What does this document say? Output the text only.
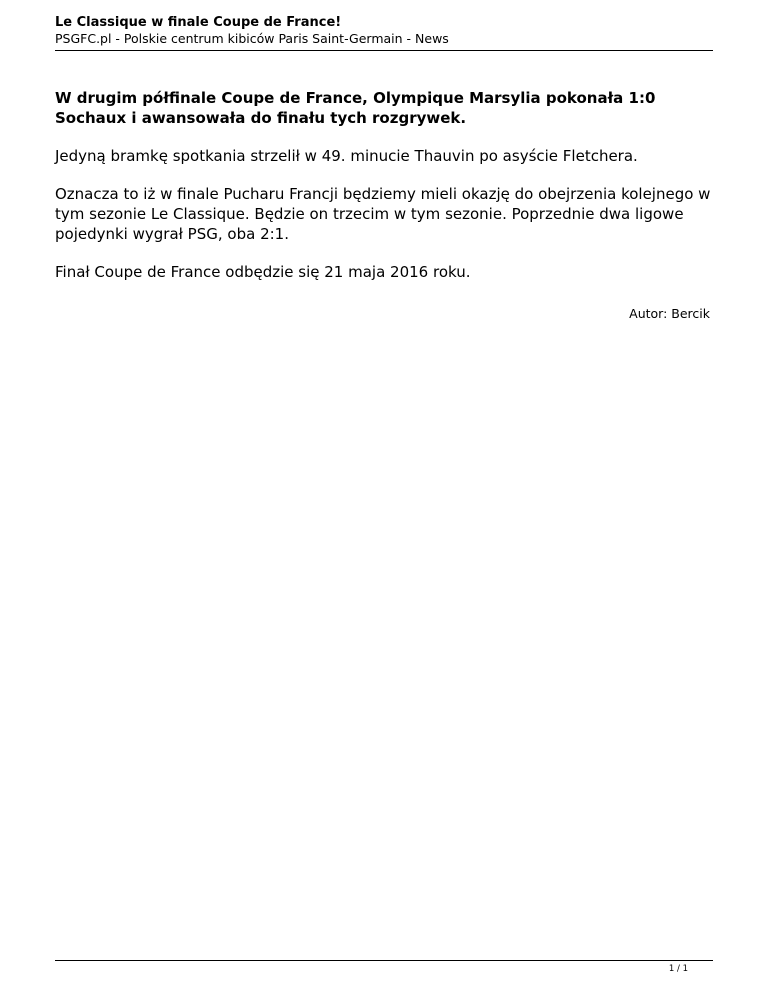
Le Classique w finale Coupe de France!
PSGFC.pl - Polskie centrum kibiców Paris Saint-Germain - News

W drugim półfinale Coupe de France, Olympique Marsylia pokonała 1:0 Sochaux i awansowała do finału tych rozgrywek.

Jedyną bramkę spotkania strzelił w 49. minucie Thauvin po asyście Fletchera.

Oznacza to iż w finale Pucharu Francji będziemy mieli okazję do obejrzenia kolejnego w tym sezonie Le Classique. Będzie on trzecim w tym sezonie. Poprzednie dwa ligowe pojedynki wygrał PSG, oba 2:1.

Finał Coupe de France odbędzie się 21 maja 2016 roku.

Autor: Bercik
1 / 1
